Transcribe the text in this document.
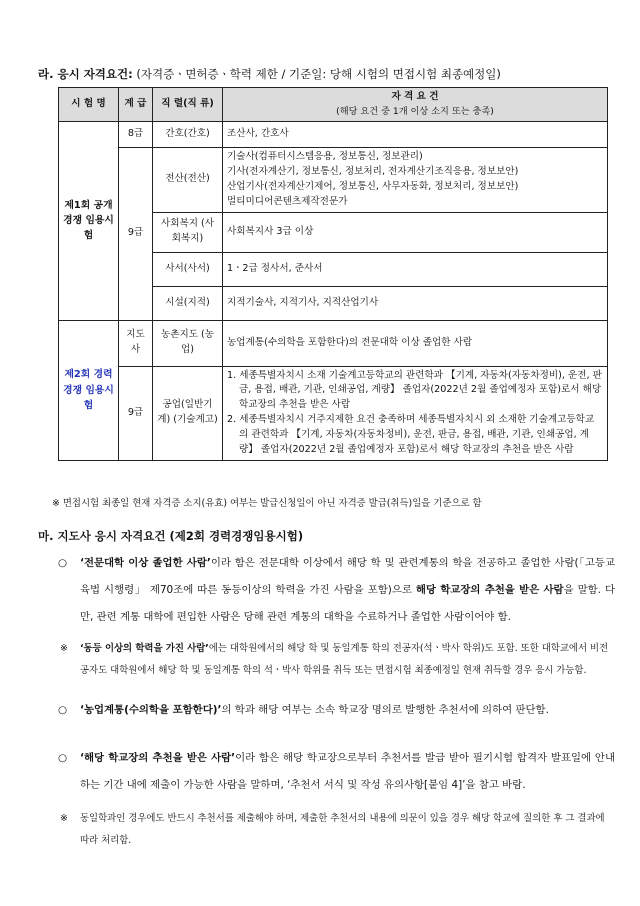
라. 응시 자격요건: (자격증ㆍ면허증ㆍ학력 제한 / 기준일: 당해 시험의 면접시험 최종예정일)
시 험 명	계 급	직 렬(직 류)	자 격 요 건
(해당 요건 중 1개 이상 소지 또는 충족)

제1회 공개경쟁 임용시험	8급	간호(간호)	조산사, 간호사
	9급	전산(전산)	기술사(컴퓨터시스템응용, 정보통신, 정보관리)
기사(전자계산기, 정보통신, 정보처리, 전자계산기조직응용, 정보보안)
산업기사(전자계산기제어, 정보통신, 사무자동화, 정보처리, 정보보안)
멀티미디어콘텐츠제작전문가

		사회복지 (사회복지)	사회복지사 3급 이상
		사서(사서)	1ㆍ2급 정사서, 준사서
		시설(지적)	지적기술사, 지적기사, 지적산업기사

제2회 경력경쟁 임용시험	지도사	농촌지도 (농업)	농업계통(수의학을 포함한다)의 전문대학 이상 졸업한 사람
	9급	공업(일반기계) (기술계고)	1. 세종특별자치시 소재 기술계고등학교의 관련학과 【기계, 자동차(자동차정비), 운전, 판금, 용접, 배관, 기관, 인쇄공업, 계량】 졸업자(2022년 2월 졸업예정자 포함)로서 해당 학교장의 추천을 받은 사람
2. 세종특별자치시 거주지제한 요건 충족하며 세종특별자치시 외 소재한 기술계고등학교의 관련학과 【기계, 자동차(자동차정비), 운전, 판금, 용접, 배관, 기관, 인쇄공업, 계량】 졸업자(2022년 2월 졸업예정자 포함)로서 해당 학교장의 추천을 받은 사람
※ 면접시험 최종일 현재 자격증 소지(유효) 여부는 발급신청일이 아닌 자격증 발급(취득)일을 기준으로 함
마. 지도사 응시 자격요건 (제2회 경력경쟁임용시험)
○ ‘전문대학 이상 졸업한 사람’이라 함은 전문대학 이상에서 해당 학 및 관련계통의 학을 전공하고 졸업한 사람(「고등교육법 시행령」 제70조에 따른 동등이상의 학력을 가진 사람을 포함)으로 해당 학교장의 추천을 받은 사람을 말함. 다만, 관련 계통 대학에 편입한 사람은 당해 관련 계통의 대학을 수료하거나 졸업한 사람이어야 함.
※ ‘동등 이상의 학력을 가진 사람’에는 대학원에서의 해당 학 및 동일계통 학의 전공자(석ㆍ박사 학위)도 포함. 또한 대학교에서 비전공자도 대학원에서 해당 학 및 동일계통 학의 석ㆍ박사 학위를 취득 또는 면접시험 최종예정일 현재 취득할 경우 응시 가능함.
○ ‘농업계통(수의학을 포함한다)’의 학과 해당 여부는 소속 학교장 명의로 발행한 추천서에 의하여 판단함.
○ ‘해당 학교장의 추천을 받은 사람’이라 함은 해당 학교장으로부터 추천서를 발급 받아 필기시험 합격자 발표일에 안내하는 기간 내에 제출이 가능한 사람을 말하며, ‘추천서 서식 및 작성 유의사항[붙임 4]’을 참고 바람.
※ 동일학과인 경우에도 반드시 추천서를 제출해야 하며, 제출한 추천서의 내용에 의문이 있을 경우 해당 학교에 질의한 후 그 결과에 따라 처리함.
